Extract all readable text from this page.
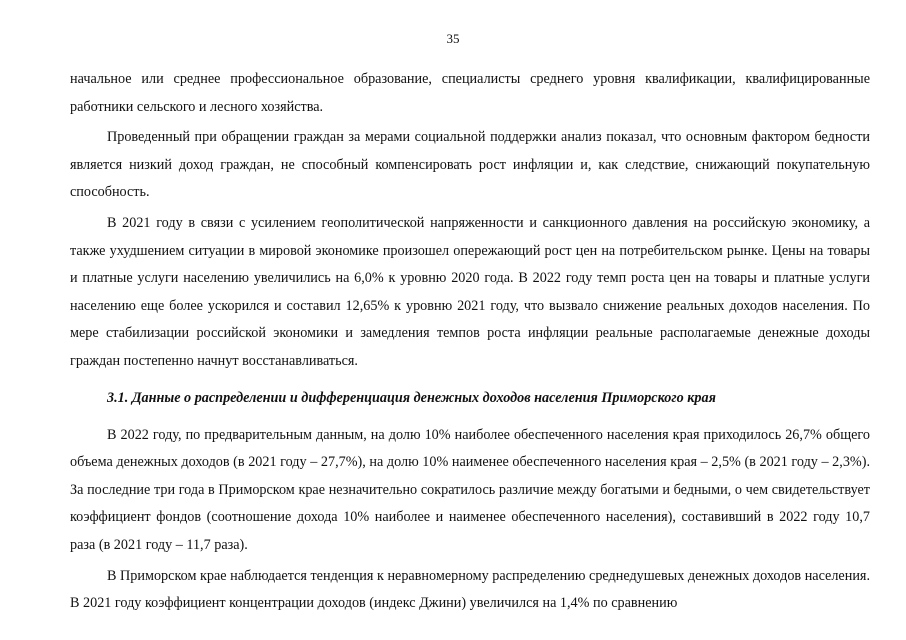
35

начальное или среднее профессиональное образование, специалисты среднего уровня квалификации, квалифицированные работники сельского и лесного хозяйства.

Проведенный при обращении граждан за мерами социальной поддержки анализ показал, что основным фактором бедности является низкий доход граждан, не способный компенсировать рост инфляции и, как следствие, снижающий покупательную способность.

В 2021 году в связи с усилением геополитической напряженности и санкционного давления на российскую экономику, а также ухудшением ситуации в мировой экономике произошел опережающий рост цен на потребительском рынке. Цены на товары и платные услуги населению увеличились на 6,0% к уровню 2020 года. В 2022 году темп роста цен на товары и платные услуги населению еще более ускорился и составил 12,65% к уровню 2021 году, что вызвало снижение реальных доходов населения. По мере стабилизации российской экономики и замедления темпов роста инфляции реальные располагаемые денежные доходы граждан постепенно начнут восстанавливаться.

3.1. Данные о распределении и дифференциация денежных доходов населения Приморского края

В 2022 году, по предварительным данным, на долю 10% наиболее обеспеченного населения края приходилось 26,7% общего объема денежных доходов (в 2021 году – 27,7%), на долю 10% наименее обеспеченного населения края – 2,5% (в 2021 году – 2,3%). За последние три года в Приморском крае незначительно сократилось различие между богатыми и бедными, о чем свидетельствует коэффициент фондов (соотношение дохода 10% наиболее и наименее обеспеченного населения), составивший в 2022 году 10,7 раза (в 2021 году – 11,7 раза).

В Приморском крае наблюдается тенденция к неравномерному распределению среднедушевых денежных доходов населения. В 2021 году коэффициент концентрации доходов (индекс Джини) увеличился на 1,4% по сравнению
